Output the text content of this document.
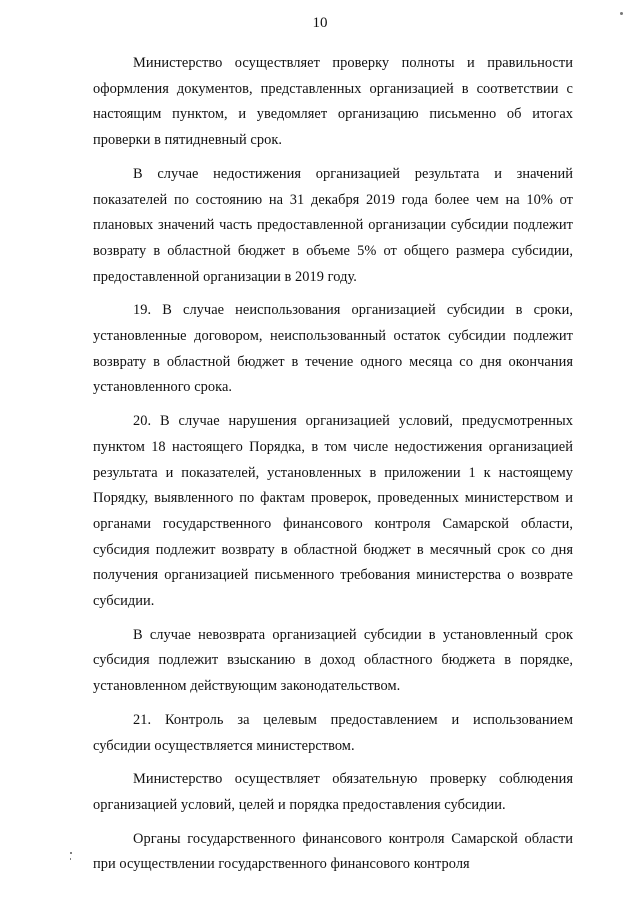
10

Министерство осуществляет проверку полноты и правильности оформления документов, представленных организацией в соответствии с настоящим пунктом, и уведомляет организацию письменно об итогах проверки в пятидневный срок.

В случае недостижения организацией результата и значений показателей по состоянию на 31 декабря 2019 года более чем на 10% от плановых значений часть предоставленной организации субсидии подлежит возврату в областной бюджет в объеме 5% от общего размера субсидии, предоставленной организации в 2019 году.

19. В случае неиспользования организацией субсидии в сроки, установленные договором, неиспользованный остаток субсидии подлежит возврату в областной бюджет в течение одного месяца со дня окончания установленного срока.

20. В случае нарушения организацией условий, предусмотренных пунктом 18 настоящего Порядка, в том числе недостижения организацией результата и показателей, установленных в приложении 1 к настоящему Порядку, выявленного по фактам проверок, проведенных министерством и органами государственного финансового контроля Самарской области, субсидия подлежит возврату в областной бюджет в месячный срок со дня получения организацией письменного требования министерства о возврате субсидии.

В случае невозврата организацией субсидии в установленный срок субсидия подлежит взысканию в доход областного бюджета в порядке, установленном действующим законодательством.

21. Контроль за целевым предоставлением и использованием субсидии осуществляется министерством.

Министерство осуществляет обязательную проверку соблюдения организацией условий, целей и порядка предоставления субсидии.

Органы государственного финансового контроля Самарской области при осуществлении государственного финансового контроля
